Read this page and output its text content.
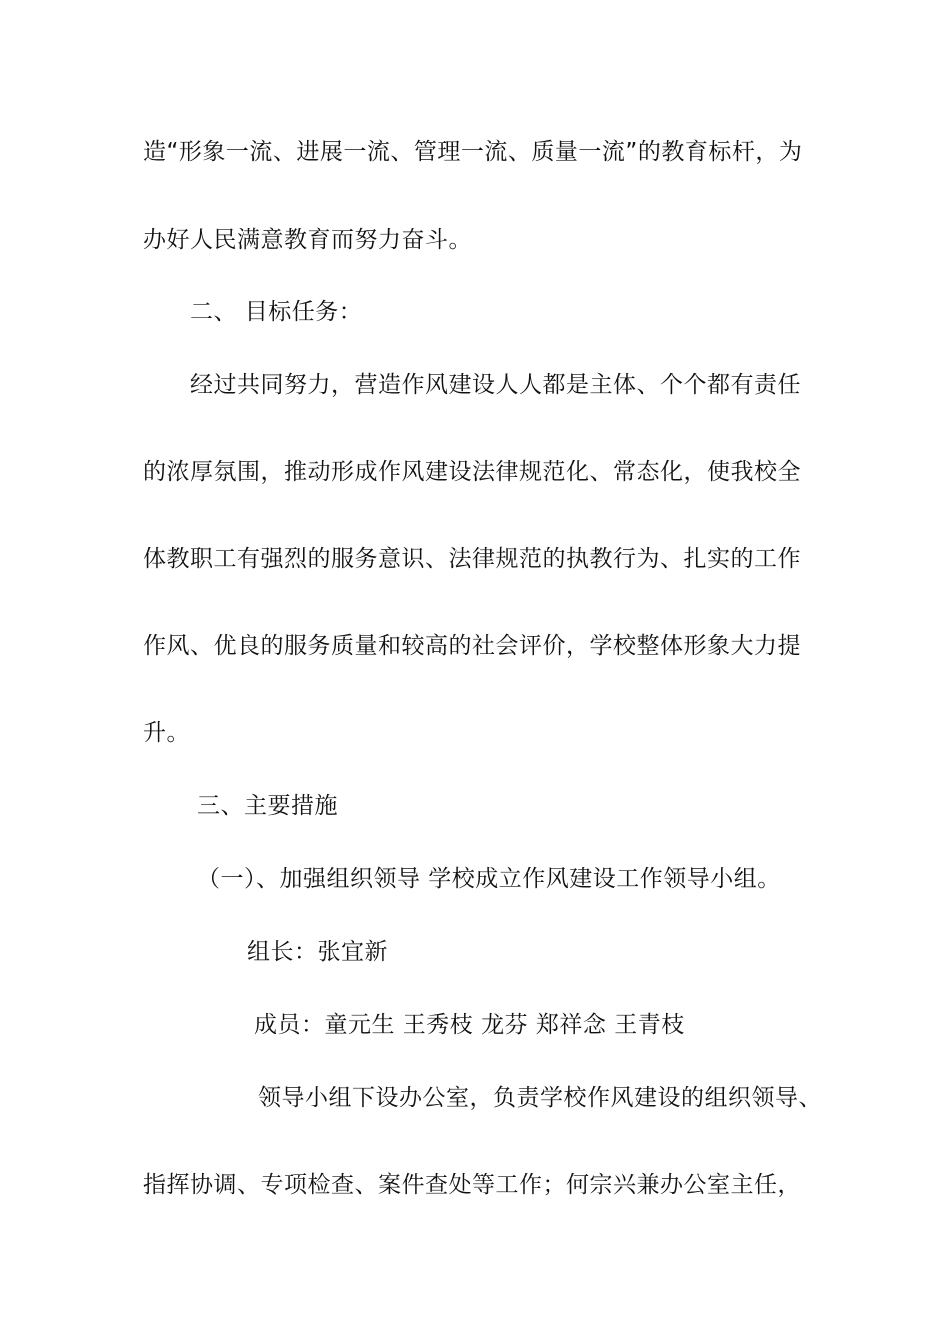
造“形象一流、进展一流、管理一流、质量一流”的教育标杆，为
办好人民满意教育而努力奋斗。
二、 目标任务：
经过共同努力，营造作风建设人人都是主体、个个都有责任
的浓厚氛围，推动形成作风建设法律规范化、常态化，使我校全
体教职工有强烈的服务意识、法律规范的执教行为、扎实的工作
作风、优良的服务质量和较高的社会评价，学校整体形象大力提
升。
三、主要措施
（一）、加强组织领导 学校成立作风建设工作领导小组。
组长：张宜新
成员：童元生 王秀枝 龙芬 郑祥念 王青枝
领导小组下设办公室，负责学校作风建设的组织领导、
指挥协调、专项检查、案件查处等工作；何宗兴兼办公室主任，
